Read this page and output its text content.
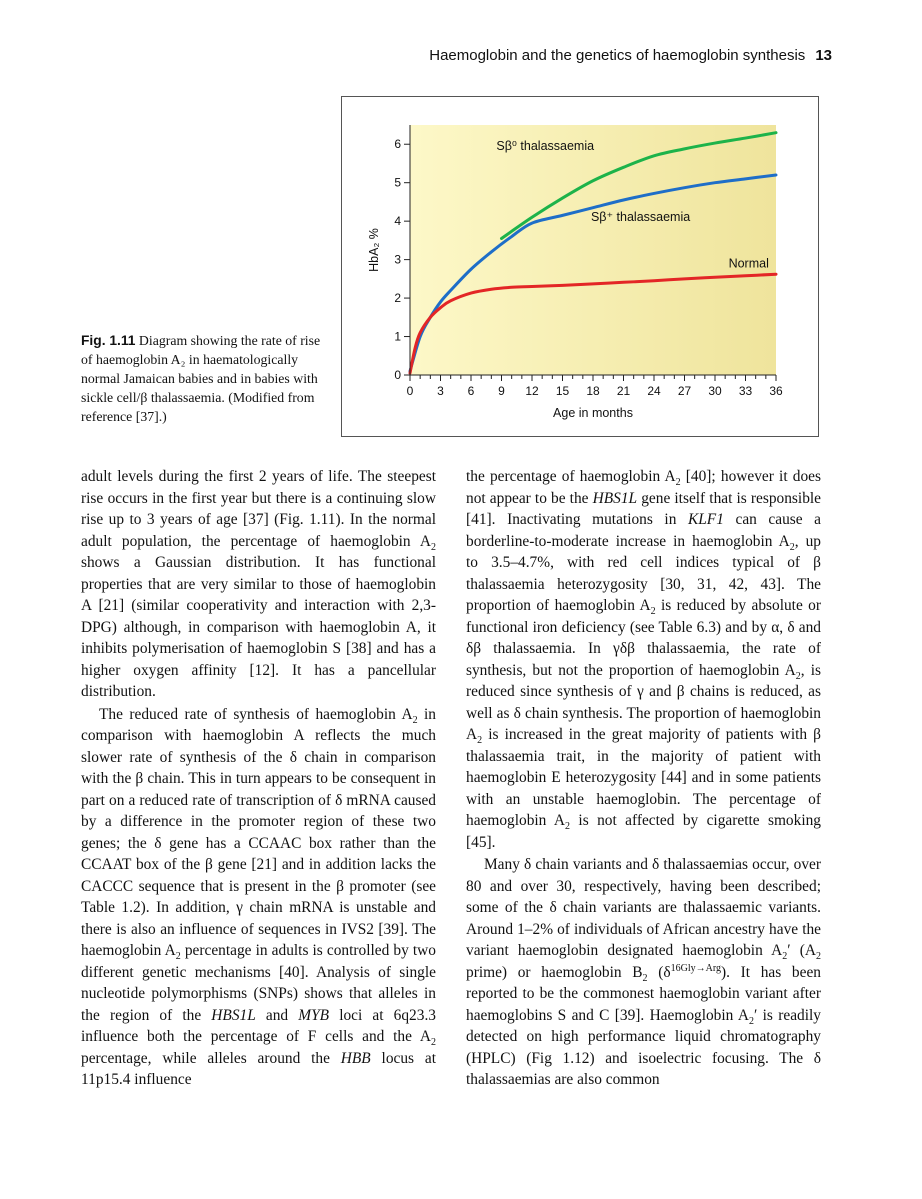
Haemoglobin and the genetics of haemoglobin synthesis 13
0
1
2
3
4
5
6
0 3 6 9 12 15 18 21 24 27 30 33 36
Age in months
HbA₂ %
Sβ⁰ thalassaemia
Sβ⁺ thalassaemia
Normal
Fig. 1.11 Diagram showing the rate of rise of haemoglobin A₂ in haematologically normal Jamaican babies and in babies with sickle cell/β thalassaemia. (Modified from reference [37].)

adult levels during the first 2 years of life. The steepest rise occurs in the first year but there is a continuing slow rise up to 3 years of age [37] (Fig. 1.11). In the normal adult population, the percentage of haemoglobin $A_2$ shows a Gaussian distribution. It has functional properties that are very similar to those of haemoglobin A [21] (similar cooperativity and interaction with 2,3-DPG) although, in comparison with haemoglobin A, it inhibits polymerisation of haemoglobin S [38] and has a higher oxygen affinity [12]. It has a pancellular distribution.

The reduced rate of synthesis of haemoglobin $A_2$ in comparison with haemoglobin A reflects the much slower rate of synthesis of the δ chain in comparison with the β chain. This in turn appears to be consequent in part on a reduced rate of transcription of δ mRNA caused by a difference in the promoter region of these two genes; the δ gene has a CCAAC box rather than the CCAAT box of the β gene [21] and in addition lacks the CACCC sequence that is present in the β promoter (see Table 1.2). In addition, γ chain mRNA is unstable and there is also an influence of sequences in IVS2 [39]. The haemoglobin $A_2$ percentage in adults is controlled by two different genetic mechanisms [40]. Analysis of single nucleotide polymorphisms (SNPs) shows that alleles in the region of the HBS1L and MYB loci at 6q23.3 influence both the percentage of F cells and the $A_2$ percentage, while alleles around the HBB locus at 11p15.4 influence

the percentage of haemoglobin $A_2$ [40]; however it does not appear to be the HBS1L gene itself that is responsible [41]. Inactivating mutations in KLF1 can cause a borderline-to-moderate increase in haemoglobin $A_2$, up to 3.5–4.7%, with red cell indices typical of β thalassaemia heterozygosity [30, 31, 42, 43]. The proportion of haemoglobin $A_2$ is reduced by absolute or functional iron deficiency (see Table 6.3) and by α, δ and δβ thalassaemia. In γδβ thalassaemia, the rate of synthesis, but not the proportion of haemoglobin $A_2$, is reduced since synthesis of γ and β chains is reduced, as well as δ chain synthesis. The proportion of haemoglobin $A_2$ is increased in the great majority of patients with β thalassaemia trait, in the majority of patient with haemoglobin E heterozygosity [44] and in some patients with an unstable haemoglobin. The percentage of haemoglobin $A_2$ is not affected by cigarette smoking [45].

Many δ chain variants and δ thalassaemias occur, over 80 and over 30, respectively, having been described; some of the δ chain variants are thalassaemic variants. Around 1–2% of individuals of African ancestry have the variant haemoglobin designated haemoglobin $A_2'$ ($A_2$ prime) or haemoglobin $B_2$ $(\delta^{16Gly\to Arg})$. It has been reported to be the commonest haemoglobin variant after haemoglobins S and C [39]. Haemoglobin $A_2'$ is readily detected on high performance liquid chromatography (HPLC) (Fig 1.12) and isoelectric focusing. The δ thalassaemias are also common
